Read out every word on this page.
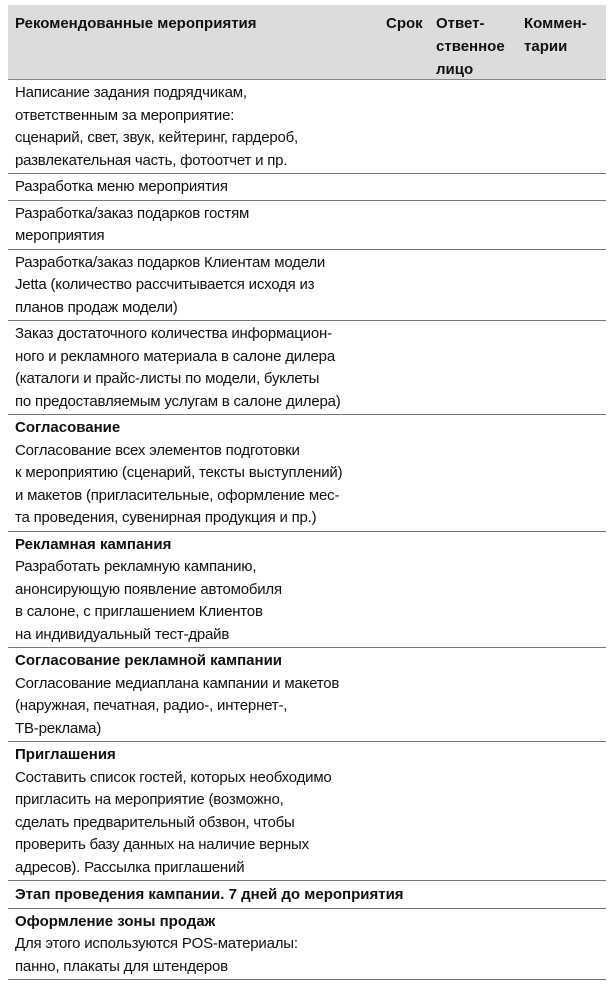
Рекомендованные мероприятия	Срок Ответ-
ственное
лицо
Коммен-
тарии
Написание задания подрядчикам,
ответственным за мероприятие:
сценарий, свет, звук, кейтеринг, гардероб,
развлекательная часть, фотоотчет и пр.
Разработка меню мероприятия
Разработка/заказ подарков гостям
мероприятия
Разработка/заказ подарков Клиентам модели
Jetta (количество рассчитывается исходя из
планов продаж модели)
Заказ достаточного количества информацион-
ного и рекламного материала в салоне дилера
(каталоги и прайс-листы по модели, буклеты
по предоставляемым услугам в салоне дилера)
Согласование
Согласование всех элементов подготовки
к мероприятию (сценарий, тексты выступлений)
и макетов (пригласительные, оформление мес-
та проведения, сувенирная продукция и пр.)
Рекламная кампания
Разработать рекламную кампанию,
анонсирующую появление автомобиля
в салоне, с приглашением Клиентов
на индивидуальный тест-драйв
Согласование рекламной кампании
Согласование медиаплана кампании и макетов
(наружная, печатная, радио-, интернет-,
ТВ-реклама)
Приглашения
Составить список гостей, которых необходимо
пригласить на мероприятие (возможно,
сделать предварительный обзвон, чтобы
проверить базу данных на наличие верных
адресов). Рассылка приглашений
Этап проведения кампании. 7 дней до мероприятия
Оформление зоны продаж
Для этого используются POS-материалы:
панно, плакаты для штендеров
